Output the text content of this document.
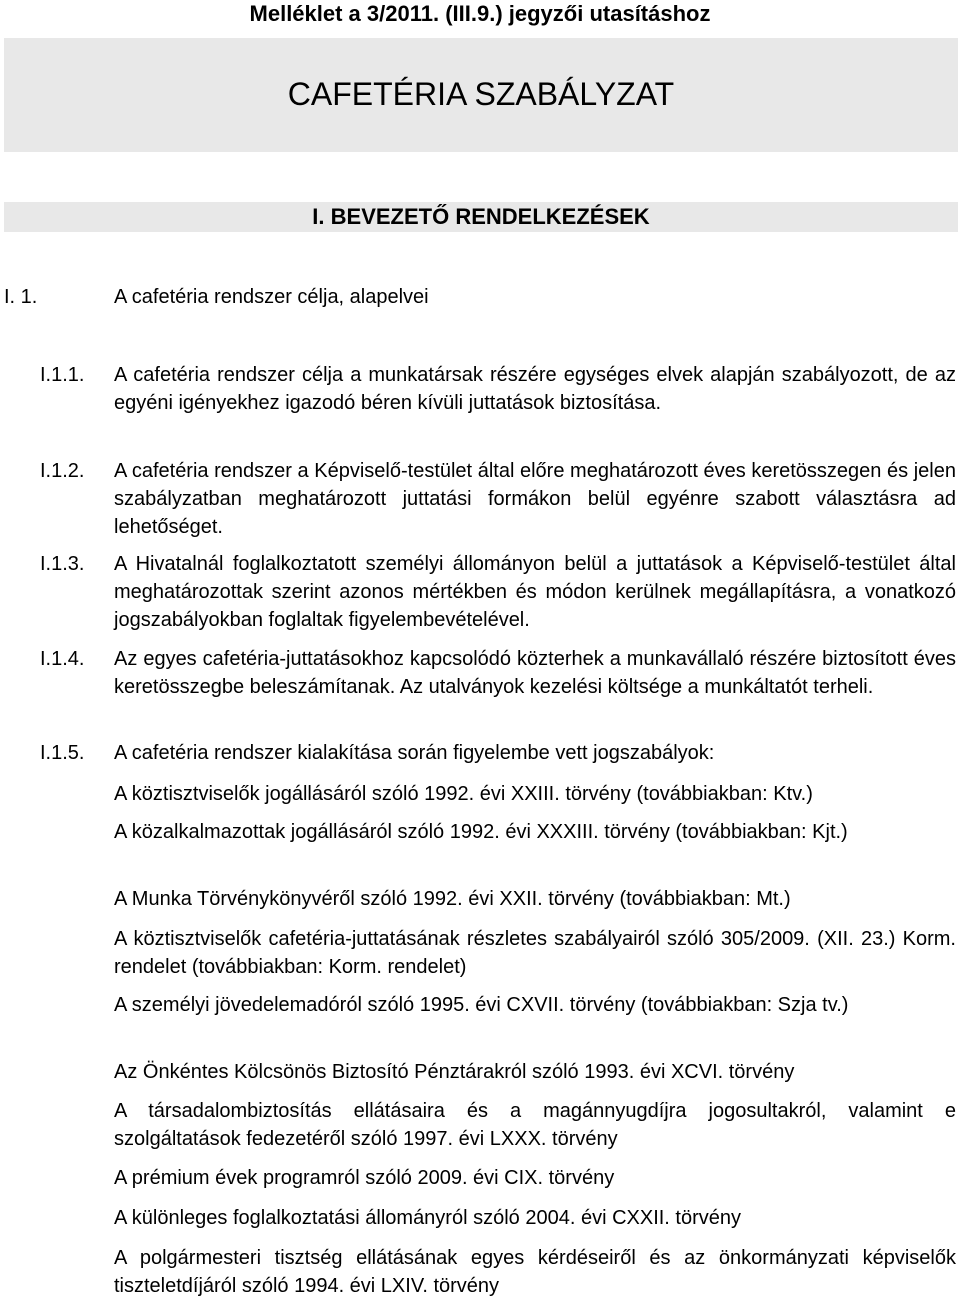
Melléklet a 3/2011. (III.9.) jegyzői utasításhoz
CAFETÉRIA SZABÁLYZAT
I. BEVEZETŐ RENDELKEZÉSEK
I. 1.	A cafetéria rendszer célja, alapelvei
I.1.1. A cafetéria rendszer célja a munkatársak részére egységes elvek alapján szabályozott, de az egyéni igényekhez igazodó béren kívüli juttatások biztosítása.
I.1.2. A cafetéria rendszer a Képviselő-testület által előre meghatározott éves keretösszegen és jelen szabályzatban meghatározott juttatási formákon belül egyénre szabott választásra ad lehetőséget.
I.1.3. A Hivatalnál foglalkoztatott személyi állományon belül a juttatások a Képviselő-testület által meghatározottak szerint azonos mértékben és módon kerülnek megállapításra, a vonatkozó jogszabályokban foglaltak figyelembevételével.
I.1.4. Az egyes cafetéria-juttatásokhoz kapcsolódó közterhek a munkavállaló részére biztosított éves keretösszegbe beleszámítanak. Az utalványok kezelési költsége a munkáltatót terheli.
I.1.5. A cafetéria rendszer kialakítása során figyelembe vett jogszabályok:
A köztisztviselők jogállásáról szóló 1992. évi XXIII. törvény (továbbiakban: Ktv.)
A közalkalmazottak jogállásáról szóló 1992. évi XXXIII. törvény (továbbiakban: Kjt.)
A Munka Törvénykönyvéről szóló 1992. évi XXII. törvény (továbbiakban: Mt.)
A köztisztviselők cafetéria-juttatásának részletes szabályairól szóló 305/2009. (XII. 23.) Korm. rendelet (továbbiakban: Korm. rendelet)
A személyi jövedelemadóról szóló 1995. évi CXVII. törvény (továbbiakban: Szja tv.)
Az Önkéntes Kölcsönös Biztosító Pénztárakról szóló 1993. évi XCVI. törvény
A társadalombiztosítás ellátásaira és a magánnyugdíjra jogosultakról, valamint e szolgáltatások fedezetéről szóló 1997. évi LXXX. törvény
A prémium évek programról szóló 2009. évi CIX. törvény
A különleges foglalkoztatási állományról szóló 2004. évi CXXII. törvény
A polgármesteri tisztség ellátásának egyes kérdéseiről és az önkormányzati képviselők tiszteletdíjáról szóló 1994. évi LXIV. törvény
